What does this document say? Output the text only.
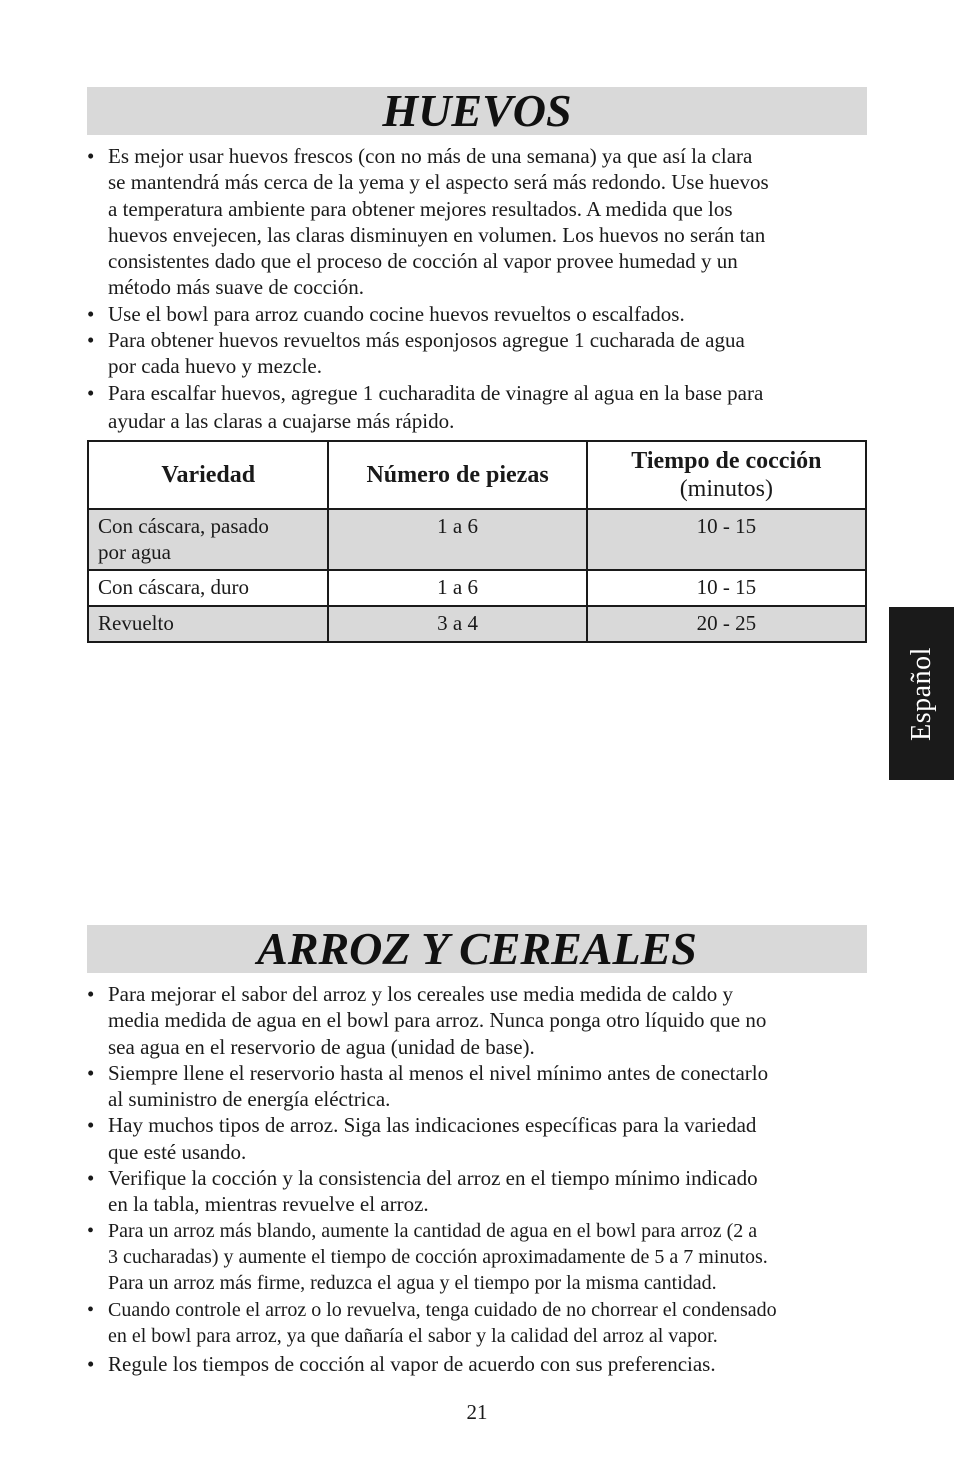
HUEVOS
• Es mejor usar huevos frescos (con no más de una semana) ya que así la clara
se mantendrá más cerca de la yema y el aspecto será más redondo. Use huevos
a temperatura ambiente para obtener mejores resultados. A medida que los
huevos envejecen, las claras disminuyen en volumen. Los huevos no serán tan
consistentes dado que el proceso de cocción al vapor provee humedad y un
método más suave de cocción.
• Use el bowl para arroz cuando cocine huevos revueltos o escalfados.
• Para obtener huevos revueltos más esponjosos agregue 1 cucharada de agua
por cada huevo y mezcle.
• Para escalfar huevos, agregue 1 cucharadita de vinagre al agua en la base para
ayudar a las claras a cuajarse más rápido.
Variedad	Número de piezas	Tiempo de cocción
(minutos)

Con cáscara, pasado
por agua	1 a 6	10 - 15
Con cáscara, duro	1 a 6	10 - 15
Revuelto	3 a 4	20 - 25
Español
ARROZ Y CEREALES
• Para mejorar el sabor del arroz y los cereales use media medida de caldo y
media medida de agua en el bowl para arroz. Nunca ponga otro líquido que no
sea agua en el reservorio de agua (unidad de base).
• Siempre llene el reservorio hasta al menos el nivel mínimo antes de conectarlo
al suministro de energía eléctrica.
• Hay muchos tipos de arroz. Siga las indicaciones específicas para la variedad
que esté usando.
• Verifique la cocción y la consistencia del arroz en el tiempo mínimo indicado
en la tabla, mientras revuelve el arroz.
• Para un arroz más blando, aumente la cantidad de agua en el bowl para arroz (2 a
3 cucharadas) y aumente el tiempo de cocción aproximadamente de 5 a 7 minutos.
Para un arroz más firme, reduzca el agua y el tiempo por la misma cantidad.
• Cuando controle el arroz o lo revuelva, tenga cuidado de no chorrear el condensado
en el bowl para arroz, ya que dañaría el sabor y la calidad del arroz al vapor.
• Regule los tiempos de cocción al vapor de acuerdo con sus preferencias.
21
